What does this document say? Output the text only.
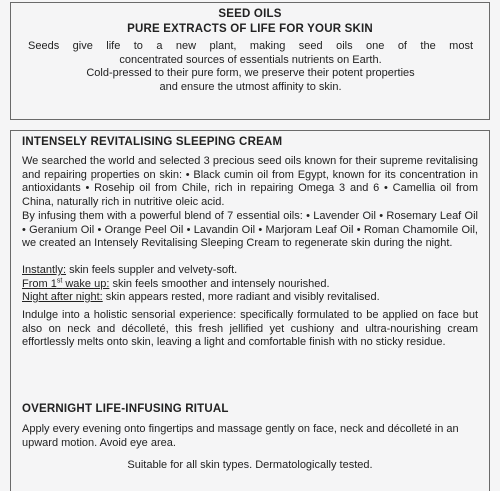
SEED OILS
PURE EXTRACTS OF LIFE FOR YOUR SKIN
Seeds give life to a new plant, making seed oils one of the most
concentrated sources of essentials nutrients on Earth.
Cold-pressed to their pure form, we preserve their potent properties
and ensure the utmost affinity to skin.
INTENSELY REVITALISING SLEEPING CREAM
We searched the world and selected 3 precious seed oils known for their supreme revitalising and repairing properties on skin: • Black cumin oil from Egypt, known for its concentration in antioxidants • Rosehip oil from Chile, rich in repairing Omega 3 and 6 • Camellia oil from China, naturally rich in nutritive oleic acid.
By infusing them with a powerful blend of 7 essential oils: • Lavender Oil • Rosemary Leaf Oil • Geranium Oil • Orange Peel Oil • Lavandin Oil • Marjoram Leaf Oil • Roman Chamomile Oil, we created an Intensely Revitalising Sleeping Cream to regenerate skin during the night.
Instantly: skin feels suppler and velvety-soft.
From 1st wake up: skin feels smoother and intensely nourished.
Night after night: skin appears rested, more radiant and visibly revitalised.
Indulge into a holistic sensorial experience: specifically formulated to be applied on face but also on neck and décolleté, this fresh jellified yet cushiony and ultra-nourishing cream effortlessly melts onto skin, leaving a light and comfortable finish with no sticky residue.
OVERNIGHT LIFE-INFUSING RITUAL
Apply every evening onto fingertips and massage gently on face, neck and décolleté in an upward motion. Avoid eye area.
Suitable for all skin types. Dermatologically tested.
